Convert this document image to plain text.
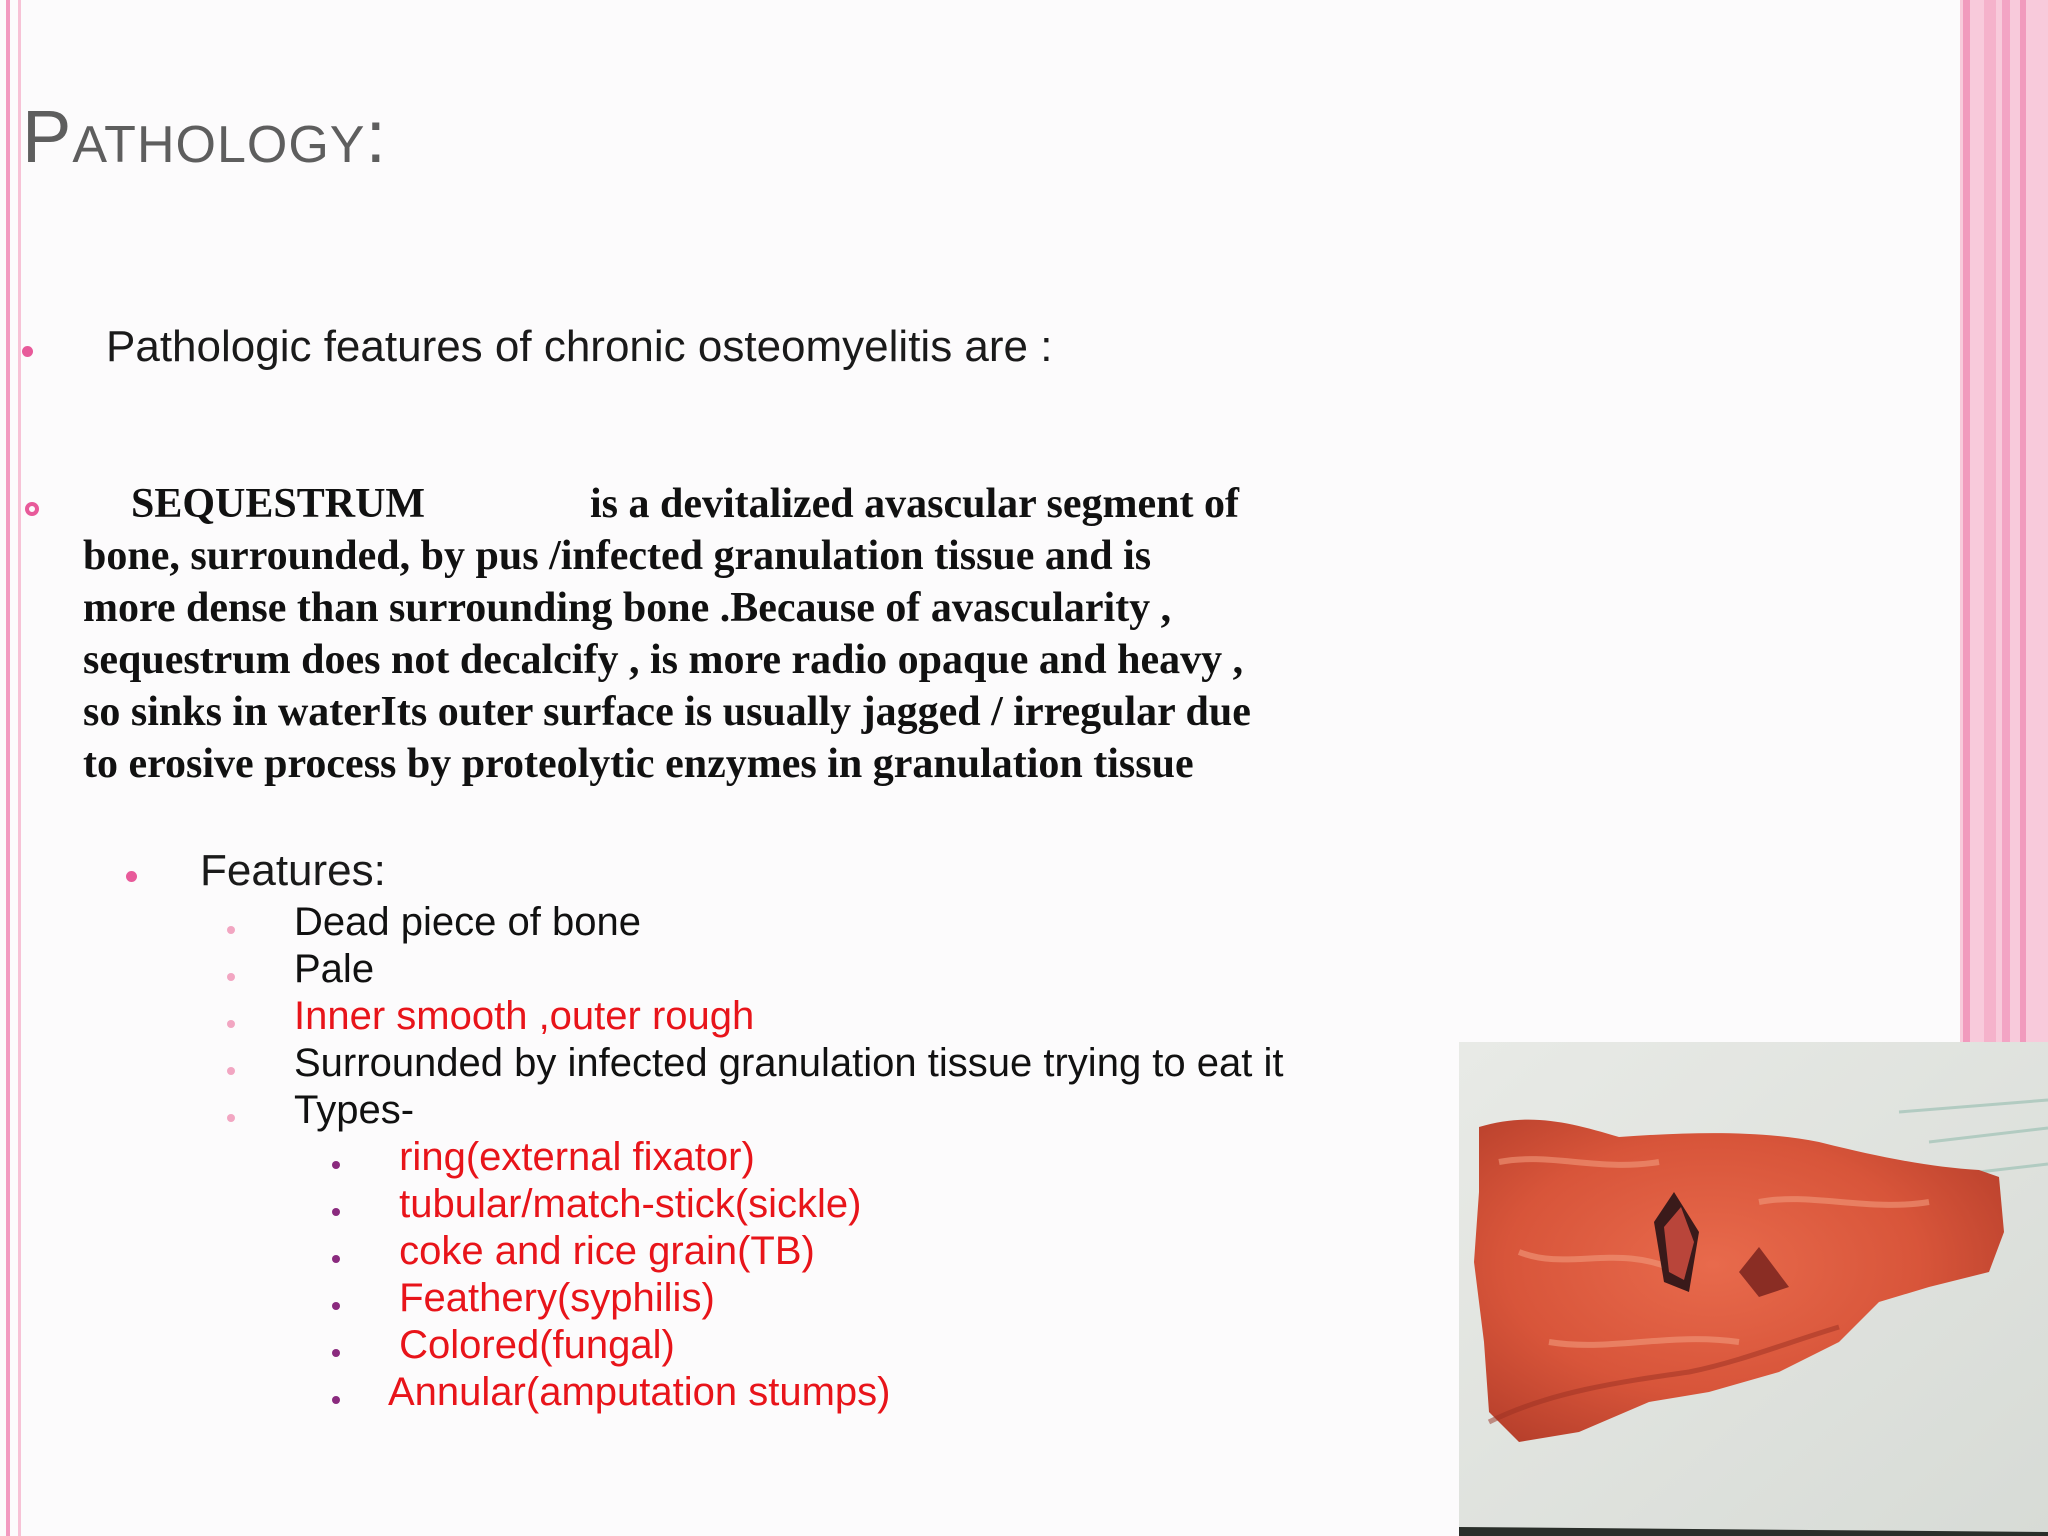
Pathology:
Pathologic features of chronic osteomyelitis are :
SEQUESTRUM	is a devitalized avascular segment of
bone, surrounded, by pus /infected granulation tissue and is
more dense than surrounding bone .Because of avascularity ,
sequestrum does not decalcify , is more radio opaque and heavy ,
so sinks in waterIts outer surface is usually jagged / irregular due
to erosive process by proteolytic enzymes in granulation tissue
Features:
Dead piece of bone
Pale
Inner smooth ,outer rough
Surrounded by infected granulation tissue trying to eat it
Types-
ring(external fixator)
tubular/match-stick(sickle)
coke and rice grain(TB)
Feathery(syphilis)
Colored(fungal)
Annular(amputation stumps)
